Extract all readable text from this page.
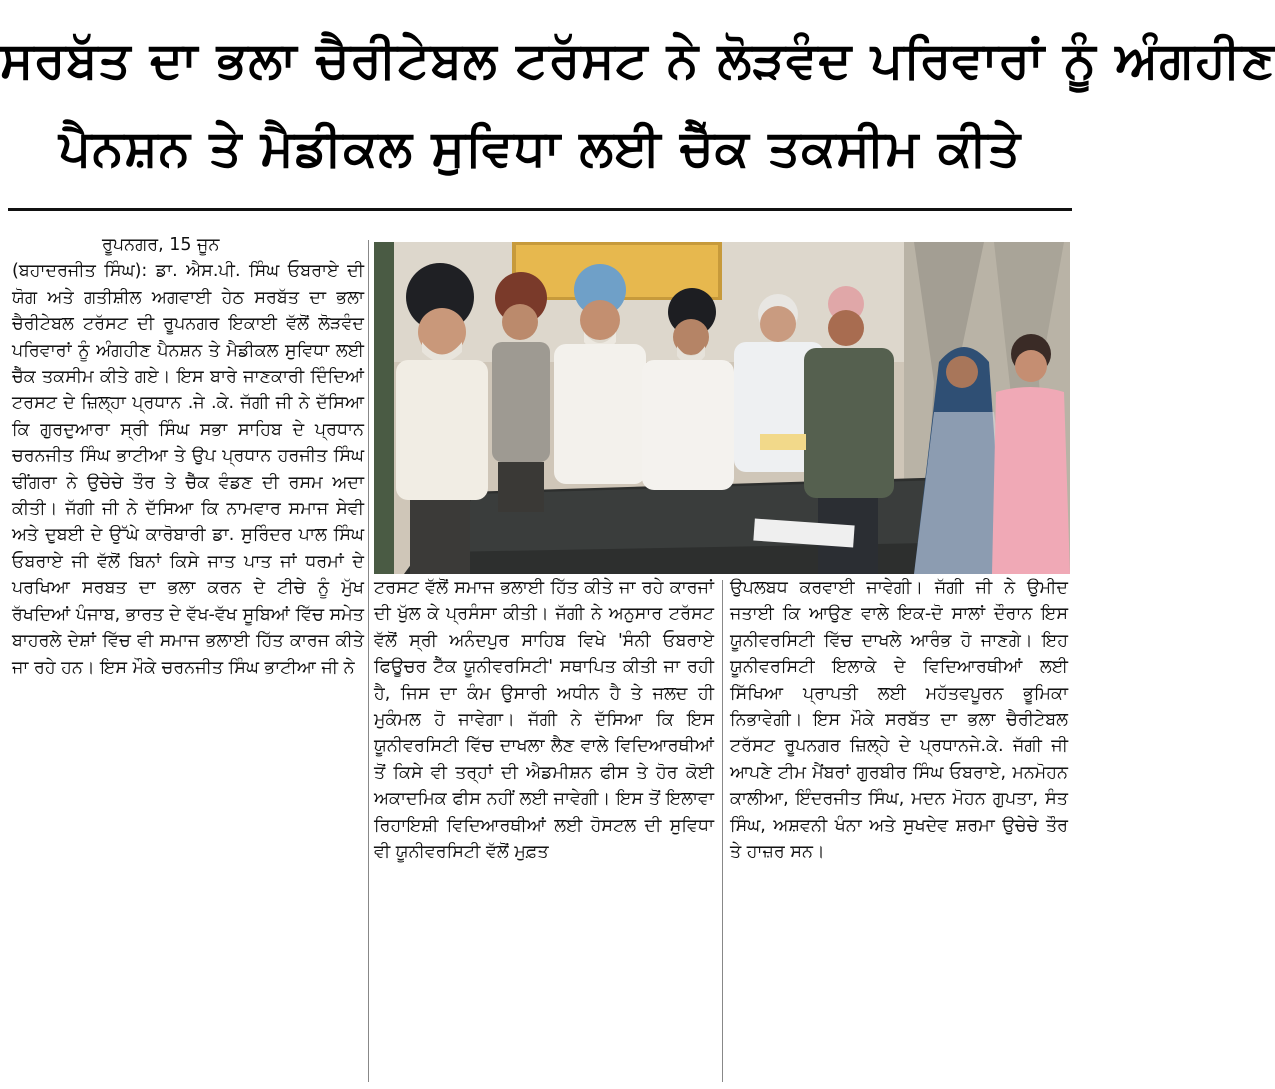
ਸਰਬੱਤ ਦਾ ਭਲਾ ਚੈਰੀਟੇਬਲ ਟਰੱਸਟ ਨੇ ਲੋੜਵੰਦ ਪਰਿਵਾਰਾਂ ਨੂੰ ਅੰਗਹੀਣ
ਪੈਨਸ਼ਨ ਤੇ ਮੈਡੀਕਲ ਸੁਵਿਧਾ ਲਈ ਚੈੱਕ ਤਕਸੀਮ ਕੀਤੇ

ਰੂਪਨਗਰ, 15 ਜੂਨ

(ਬਹਾਦਰਜੀਤ ਸਿੰਘ): ਡਾ. ਐਸ.ਪੀ. ਸਿੰਘ ਓਬਰਾਏ ਦੀ ਯੋਗ ਅਤੇ ਗਤੀਸ਼ੀਲ ਅਗਵਾਈ ਹੇਠ ਸਰਬੱਤ ਦਾ ਭਲਾ ਚੈਰੀਟੇਬਲ ਟਰੱਸਟ ਦੀ ਰੂਪਨਗਰ ਇਕਾਈ ਵੱਲੋਂ ਲੋੜਵੰਦ ਪਰਿਵਾਰਾਂ ਨੂੰ ਅੰਗਹੀਣ ਪੈਨਸ਼ਨ ਤੇ ਮੈਡੀਕਲ ਸੁਵਿਧਾ ਲਈ ਚੈੱਕ ਤਕਸੀਮ ਕੀਤੇ ਗਏ। ਇਸ ਬਾਰੇ ਜਾਣਕਾਰੀ ਦਿੰਦਿਆਂ ਟਰਸਟ ਦੇ ਜ਼ਿਲ੍ਹਾ ਪ੍ਰਧਾਨ .ਜੇ .ਕੇ. ਜੱਗੀ ਜੀ ਨੇ ਦੱਸਿਆ ਕਿ ਗੁਰਦੁਆਰਾ ਸ੍ਰੀ ਸਿੰਘ ਸਭਾ ਸਾਹਿਬ ਦੇ ਪ੍ਰਧਾਨ ਚਰਨਜੀਤ ਸਿੰਘ ਭਾਟੀਆ ਤੇ ਉਪ ਪ੍ਰਧਾਨ ਹਰਜੀਤ ਸਿੰਘ ਢੀਂਗਰਾ ਨੇ ਉਚੇਚੇ ਤੌਰ ਤੇ ਚੈੱਕ ਵੰਡਣ ਦੀ ਰਸਮ ਅਦਾ ਕੀਤੀ। ਜੱਗੀ ਜੀ ਨੇ ਦੱਸਿਆ ਕਿ ਨਾਮਵਾਰ ਸਮਾਜ ਸੇਵੀ ਅਤੇ ਦੁਬਈ ਦੇ ਉੱਘੇ ਕਾਰੋਬਾਰੀ ਡਾ. ਸੁਰਿੰਦਰ ਪਾਲ ਸਿੰਘ ਓਬਰਾਏ ਜੀ ਵੱਲੋਂ ਬਿਨਾਂ ਕਿਸੇ ਜਾਤ ਪਾਤ ਜਾਂ ਧਰਮਾਂ ਦੇ ਪਰਖਿਆ ਸਰਬਤ ਦਾ ਭਲਾ ਕਰਨ ਦੇ ਟੀਚੇ ਨੂੰ ਮੁੱਖ ਰੱਖਦਿਆਂ ਪੰਜਾਬ, ਭਾਰਤ ਦੇ ਵੱਖ-ਵੱਖ ਸੂਬਿਆਂ ਵਿੱਚ ਸਮੇਤ ਬਾਹਰਲੇ ਦੇਸ਼ਾਂ ਵਿੱਚ ਵੀ ਸਮਾਜ ਭਲਾਈ ਹਿੱਤ ਕਾਰਜ ਕੀਤੇ ਜਾ ਰਹੇ ਹਨ। ਇਸ ਮੌਕੇ ਚਰਨਜੀਤ ਸਿੰਘ ਭਾਟੀਆ ਜੀ ਨੇ

ਟਰਸਟ ਵੱਲੋਂ ਸਮਾਜ ਭਲਾਈ ਹਿੱਤ ਕੀਤੇ ਜਾ ਰਹੇ ਕਾਰਜਾਂ ਦੀ ਖੁੱਲ ਕੇ ਪ੍ਰਸੰਸਾ ਕੀਤੀ। ਜੱਗੀ ਨੇ ਅਨੁਸਾਰ ਟਰੱਸਟ ਵੱਲੋਂ ਸ੍ਰੀ ਅਨੰਦਪੁਰ ਸਾਹਿਬ ਵਿਖੇ 'ਸੰਨੀ ਓਬਰਾਏ ਫਿਊਚਰ ਟੈੱਕ ਯੂਨੀਵਰਸਿਟੀ' ਸਥਾਪਿਤ ਕੀਤੀ ਜਾ ਰਹੀ ਹੈ, ਜਿਸ ਦਾ ਕੰਮ ਉਸਾਰੀ ਅਧੀਨ ਹੈ ਤੇ ਜਲਦ ਹੀ ਮੁਕੰਮਲ ਹੋ ਜਾਵੇਗਾ। ਜੱਗੀ ਨੇ ਦੱਸਿਆ ਕਿ ਇਸ ਯੂਨੀਵਰਸਿਟੀ ਵਿੱਚ ਦਾਖਲਾ ਲੈਣ ਵਾਲੇ ਵਿਦਿਆਰਥੀਆਂ ਤੋਂ ਕਿਸੇ ਵੀ ਤਰ੍ਹਾਂ ਦੀ ਐਡਮੀਸ਼ਨ ਫੀਸ ਤੇ ਹੋਰ ਕੋਈ ਅਕਾਦਮਿਕ ਫੀਸ ਨਹੀਂ ਲਈ ਜਾਵੇਗੀ। ਇਸ ਤੋਂ ਇਲਾਵਾ ਰਿਹਾਇਸ਼ੀ ਵਿਦਿਆਰਥੀਆਂ ਲਈ ਹੋਸਟਲ ਦੀ ਸੁਵਿਧਾ ਵੀ ਯੂਨੀਵਰਸਿਟੀ ਵੱਲੋਂ ਮੁਫ਼ਤ

ਉਪਲਬਧ ਕਰਵਾਈ ਜਾਵੇਗੀ। ਜੱਗੀ ਜੀ ਨੇ ਉਮੀਦ ਜਤਾਈ ਕਿ ਆਉਣ ਵਾਲੇ ਇਕ-ਦੋ ਸਾਲਾਂ ਦੌਰਾਨ ਇਸ ਯੂਨੀਵਰਸਿਟੀ ਵਿੱਚ ਦਾਖਲੇ ਆਰੰਭ ਹੋ ਜਾਣਗੇ। ਇਹ ਯੂਨੀਵਰਸਿਟੀ ਇਲਾਕੇ ਦੇ ਵਿਦਿਆਰਥੀਆਂ ਲਈ ਸਿੱਖਿਆ ਪ੍ਰਾਪਤੀ ਲਈ ਮਹੱਤਵਪੂਰਨ ਭੂਮਿਕਾ ਨਿਭਾਵੇਗੀ। ਇਸ ਮੌਕੇ ਸਰਬੱਤ ਦਾ ਭਲਾ ਚੈਰੀਟੇਬਲ ਟਰੱਸਟ ਰੂਪਨਗਰ ਜ਼ਿਲ੍ਹੇ ਦੇ ਪ੍ਰਧਾਨਜੇ.ਕੇ. ਜੱਗੀ ਜੀ ਆਪਣੇ ਟੀਮ ਮੈਂਬਰਾਂ ਗੁਰਬੀਰ ਸਿੰਘ ਓਬਰਾਏ, ਮਨਮੋਹਨ ਕਾਲੀਆ, ਇੰਦਰਜੀਤ ਸਿੰਘ, ਮਦਨ ਮੋਹਨ ਗੁਪਤਾ, ਸੰਤ ਸਿੰਘ, ਅਸ਼ਵਨੀ ਖੰਨਾ ਅਤੇ ਸੁਖਦੇਵ ਸ਼ਰਮਾ ਉਚੇਚੇ ਤੌਰ ਤੇ ਹਾਜ਼ਰ ਸਨ।
